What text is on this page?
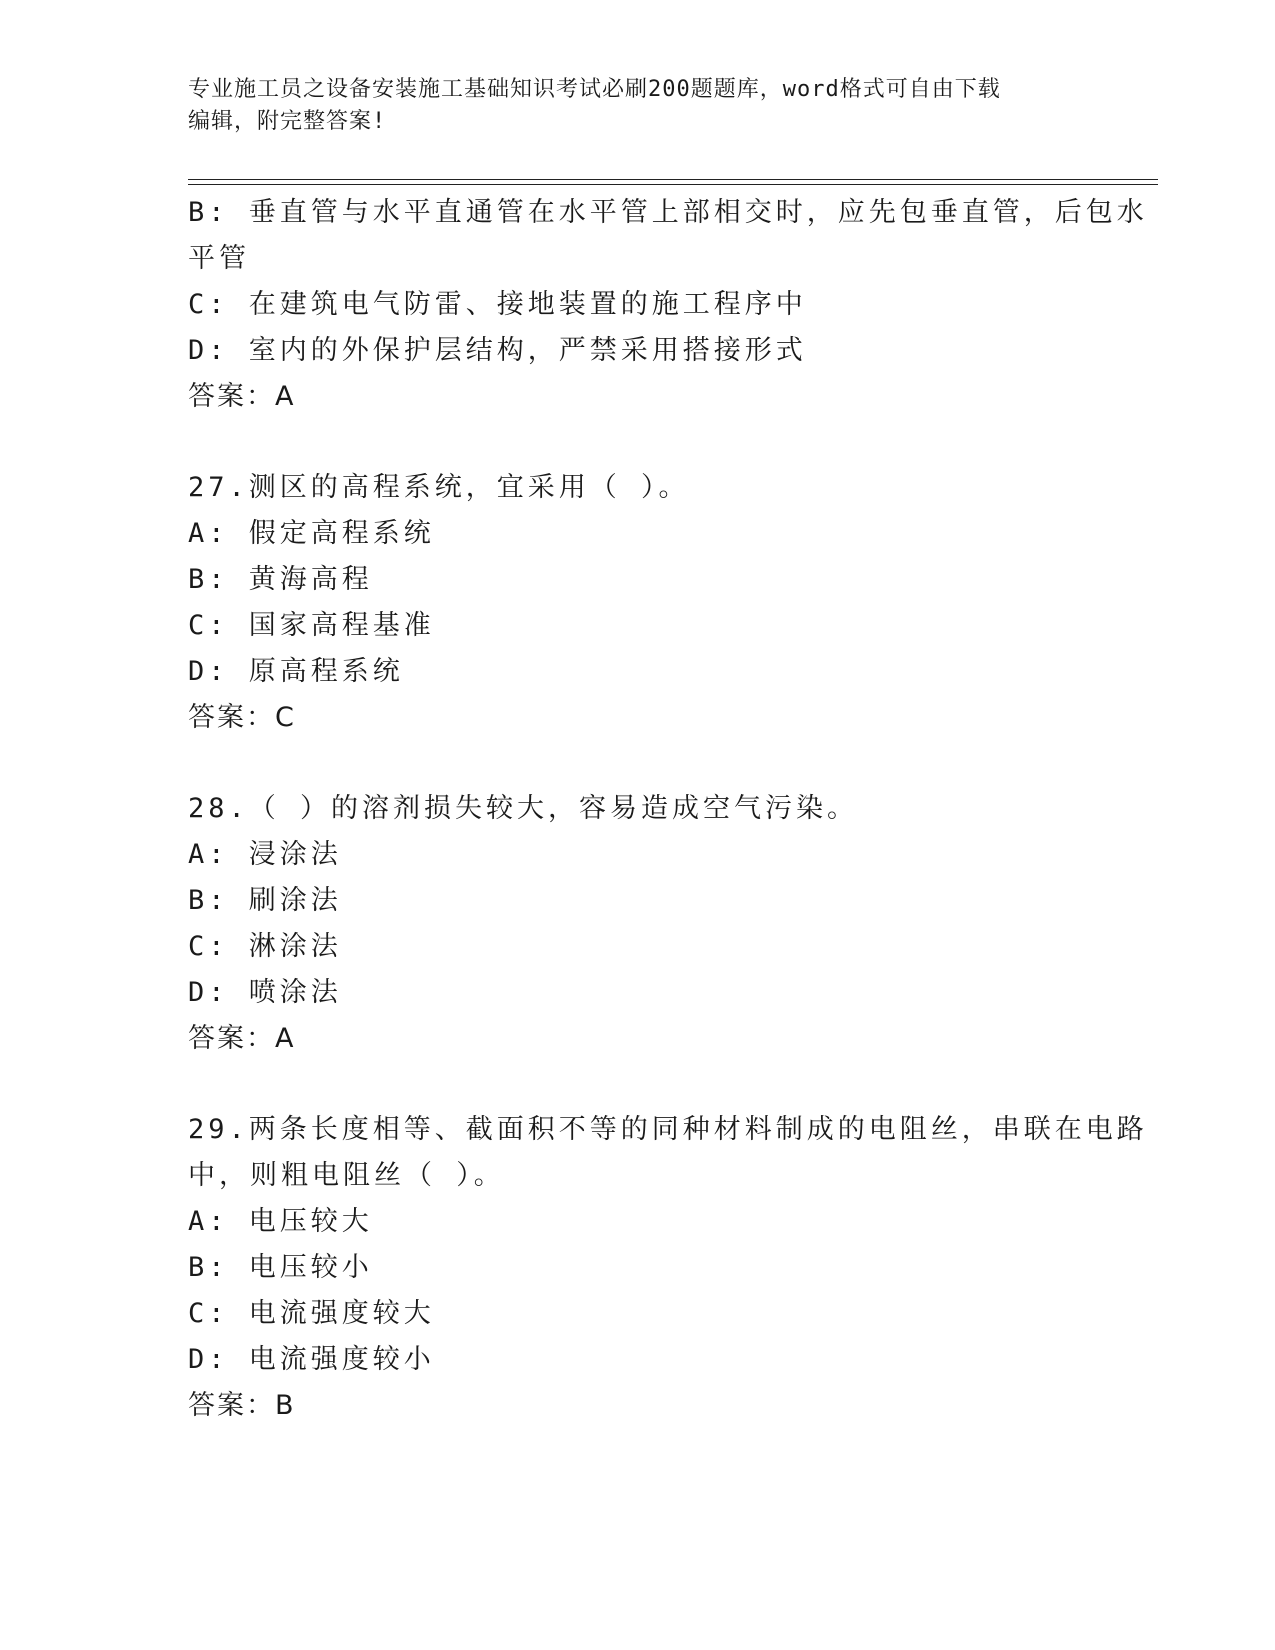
专业施工员之设备安装施工基础知识考试必刷200题题库，word格式可自由下载
编辑，附完整答案!
B: 垂直管与水平直通管在水平管上部相交时，应先包垂直管，后包水
平管
C: 在建筑电气防雷、接地装置的施工程序中
D: 室内的外保护层结构，严禁采用搭接形式
答案：A
27.测区的高程系统，宜采用（ ）。
A: 假定高程系统
B: 黄海高程
C: 国家高程基准
D: 原高程系统
答案：C
28.（ ）的溶剂损失较大，容易造成空气污染。
A: 浸涂法
B: 刷涂法
C: 淋涂法
D: 喷涂法
答案：A
29.两条长度相等、截面积不等的同种材料制成的电阻丝，串联在电路
中，则粗电阻丝（ ）。
A: 电压较大
B: 电压较小
C: 电流强度较大
D: 电流强度较小
答案：B
